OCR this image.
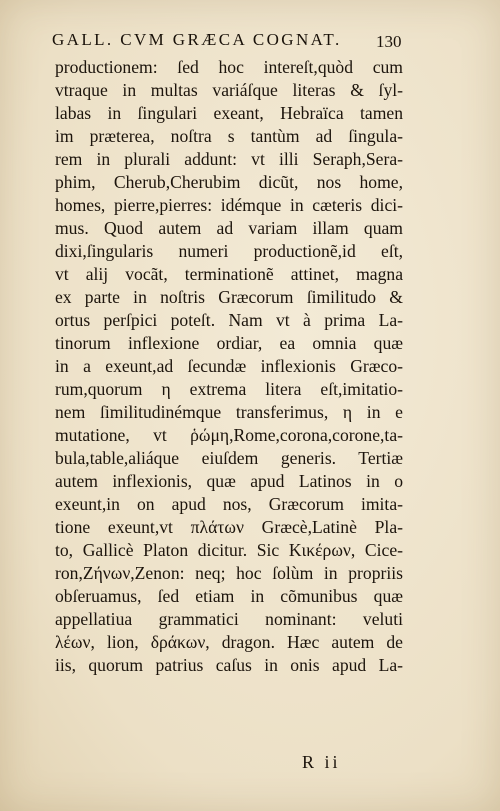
GALL. CVM GRÆCA COGNAT.	130
productionem: ſed hoc intereſt,quòd cum
vtraque in multas variáſque literas & ſyl-
labas in ſingulari exeant, Hebraïca tamen
im præterea, noſtra s tantùm ad ſingula-
rem in plurali addunt: vt illi Seraph,Sera-
phim, Cherub,Cherubim dicũt, nos home,
homes, pierre,pierres: idémque in cæteris dici-
mus. Quod autem ad variam illam quam
dixi,ſingularis numeri productionẽ,id eſt,
vt alij vocãt, terminationẽ attinet, magna
ex parte in noſtris Græcorum ſimilitudo &
ortus perſpici poteſt. Nam vt à prima La-
tinorum inflexione ordiar, ea omnia quæ
in a exeunt,ad ſecundæ inflexionis Græco-
rum,quorum η extrema litera eſt,imitatio-
nem ſimilitudinémque transferimus, η in e
mutatione, vt ῥώμη,Rome,corona,corone,ta-
bula,table,aliáque eiuſdem generis. Tertiæ
autem inflexionis, quæ apud Latinos in o
exeunt,in on apud nos, Græcorum imita-
tione exeunt,vt πλάτων Græcè,Latinè Pla-
to, Gallicè Platon dicitur. Sic Κικέρων, Cice-
ron,Ζήνων,Zenon: neq; hoc ſolùm in propriis
obſeruamus, ſed etiam in cõmunibus quæ
appellatiua grammatici nominant: veluti
λέων, lion, δράκων, dragon. Hæc autem de
iis, quorum patrius caſus in onis apud La-
R ii
